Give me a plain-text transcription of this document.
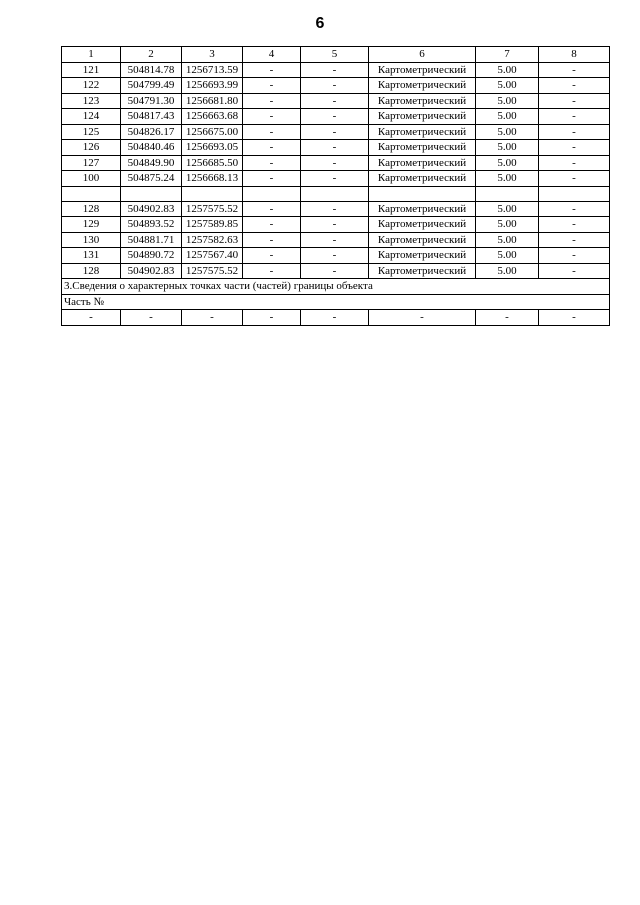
6
1	2	3	4	5	6	7	8
121	504814.78	1256713.59	-	-	Картометрический	5.00	-
122	504799.49	1256693.99	-	-	Картометрический	5.00	-
123	504791.30	1256681.80	-	-	Картометрический	5.00	-
124	504817.43	1256663.68	-	-	Картометрический	5.00	-
125	504826.17	1256675.00	-	-	Картометрический	5.00	-
126	504840.46	1256693.05	-	-	Картометрический	5.00	-
127	504849.90	1256685.50	-	-	Картометрический	5.00	-
100	504875.24	1256668.13	-	-	Картометрический	5.00	-

128	504902.83	1257575.52	-	-	Картометрический	5.00	-
129	504893.52	1257589.85	-	-	Картометрический	5.00	-
130	504881.71	1257582.63	-	-	Картометрический	5.00	-
131	504890.72	1257567.40	-	-	Картометрический	5.00	-
128	504902.83	1257575.52	-	-	Картометрический	5.00	-
3.Сведения о характерных точках части (частей) границы объекта							
Часть №							
-	-	-	-	-	-	-	-
